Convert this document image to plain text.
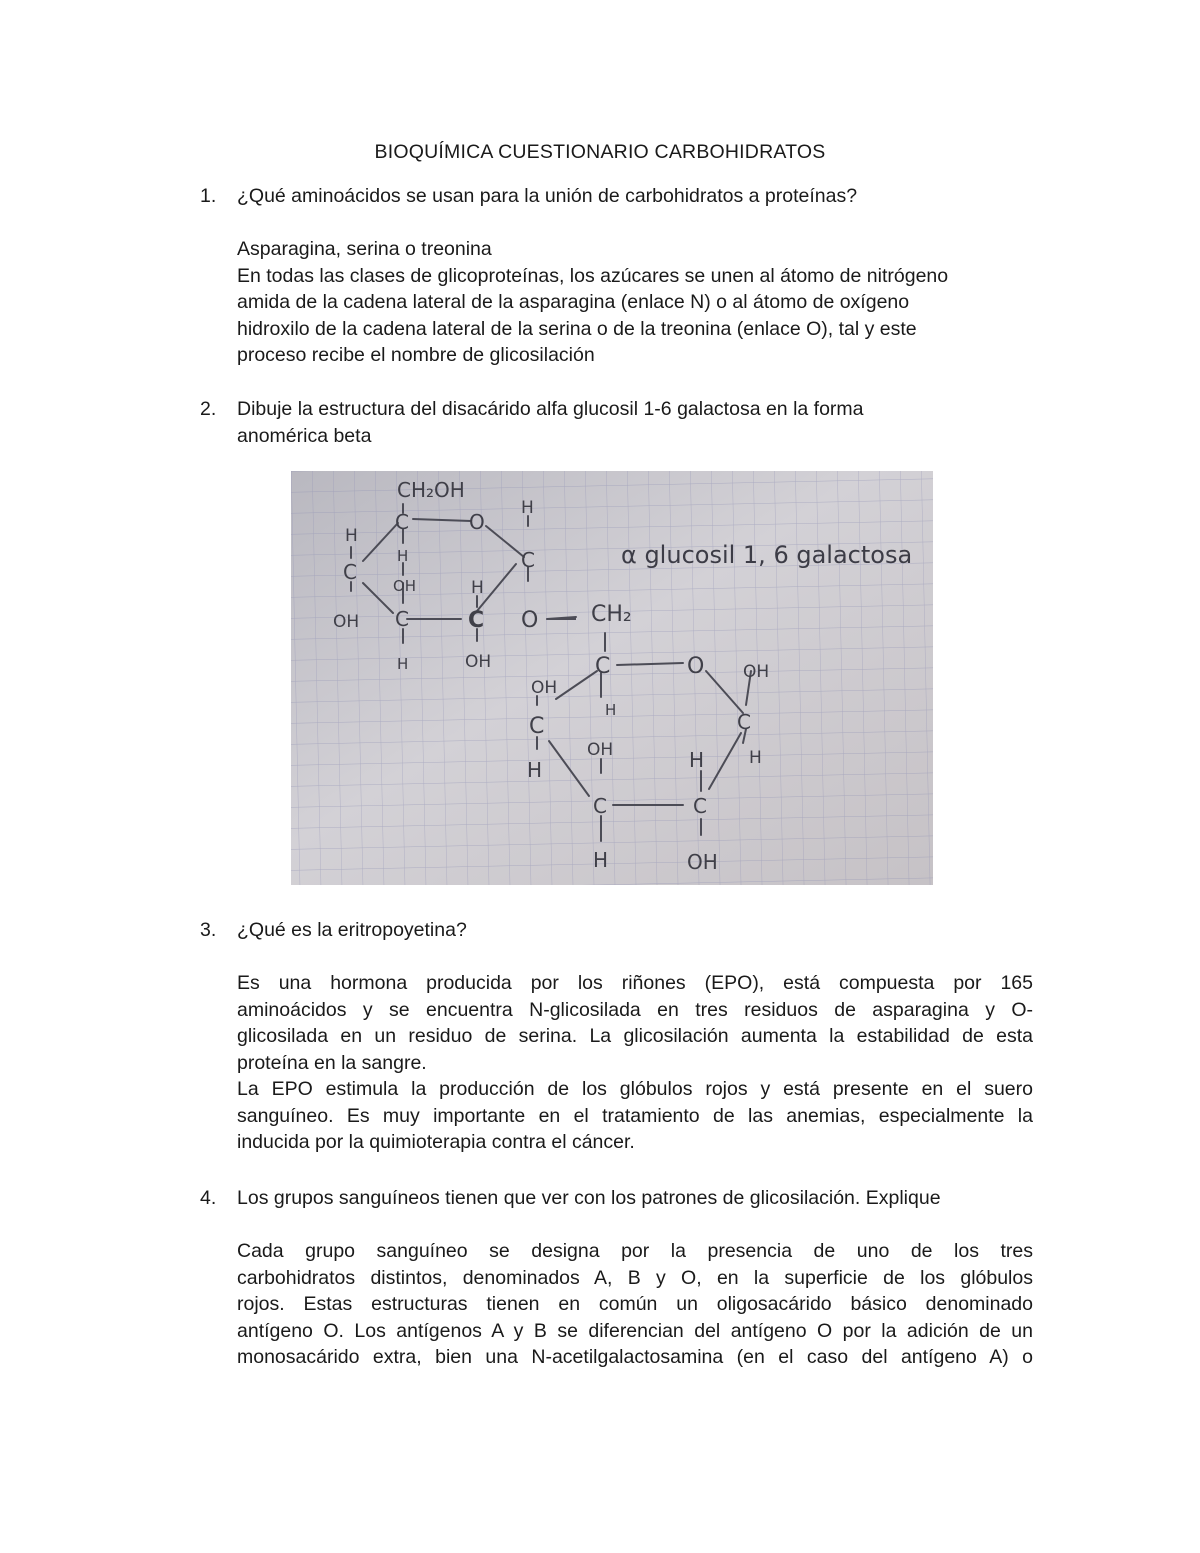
BIOQUÍMICA CUESTIONARIO CARBOHIDRATOS
1. ¿Qué aminoácidos se usan para la unión de carbohidratos a proteínas?

Asparagina, serina o treonina

En todas las clases de glicoproteínas, los azúcares se unen al átomo de nitrógeno

amida de la cadena lateral de la asparagina (enlace N) o al átomo de oxígeno

hidroxilo de la cadena lateral de la serina o de la treonina (enlace O), tal y este

proceso recibe el nombre de glicosilación

2. Dibuje la estructura del disacárido alfa glucosil 1-6 galactosa en la forma
anomérica beta
CH₂OH
C	O
H
C
H
C
OH
H
OH
C
H
H
C
OH
O CH₂
C	O OH
C
H
OH
C
H
H
OH
C
H
H
C
OH
α glucosil 1, 6 galactosa
3. ¿Qué es la eritropoyetina?

Es una hormona producida por los riñones (EPO), está compuesta por 165

aminoácidos y se encuentra N-glicosilada en tres residuos de asparagina y O-

glicosilada en un residuo de serina. La glicosilación aumenta la estabilidad de esta

proteína en la sangre.

La EPO estimula la producción de los glóbulos rojos y está presente en el suero

sanguíneo. Es muy importante en el tratamiento de las anemias, especialmente la

inducida por la quimioterapia contra el cáncer.

4. Los grupos sanguíneos tienen que ver con los patrones de glicosilación. Explique

Cada grupo sanguíneo se designa por la presencia de uno de los tres

carbohidratos distintos, denominados A, B y O, en la superficie de los glóbulos

rojos. Estas estructuras tienen en común un oligosacárido básico denominado

antígeno O. Los antígenos A y B se diferencian del antígeno O por la adición de un

monosacárido extra, bien una N-acetilgalactosamina (en el caso del antígeno A) o
